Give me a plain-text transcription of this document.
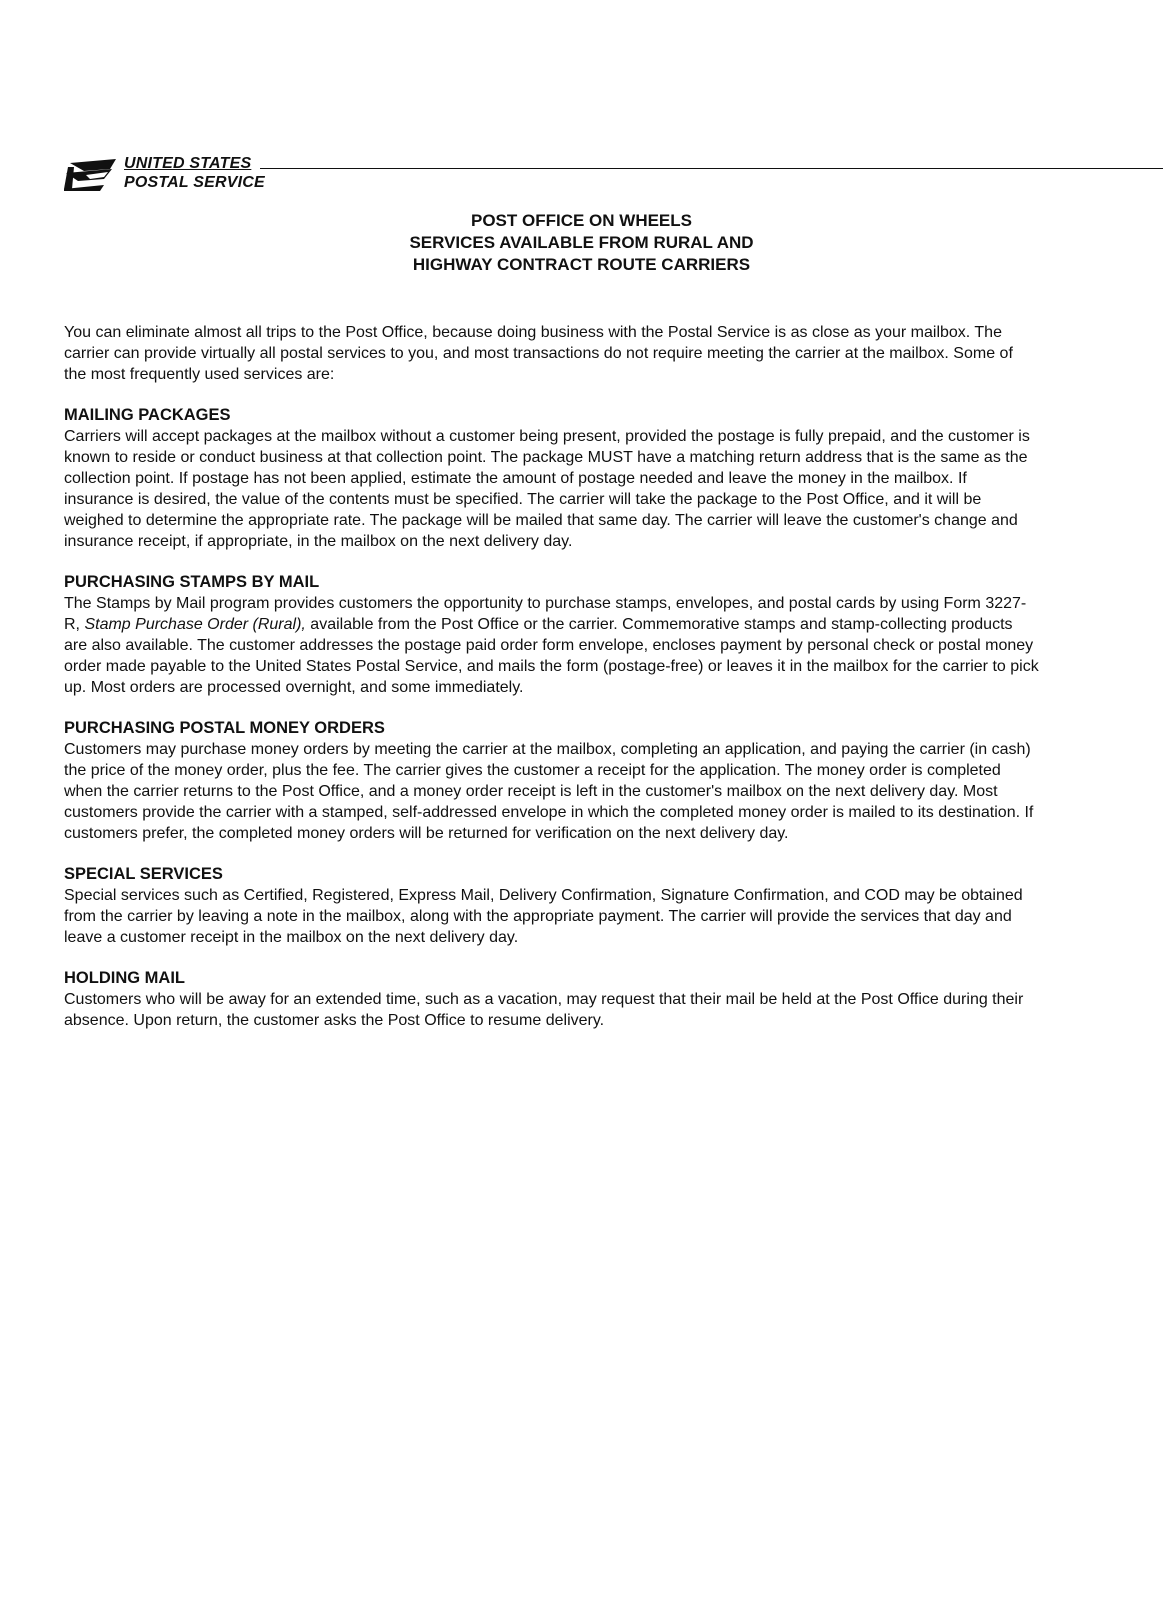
UNITED STATES
POSTAL SERVICE
POST OFFICE ON WHEELS
SERVICES AVAILABLE FROM RURAL AND
HIGHWAY CONTRACT ROUTE CARRIERS

You can eliminate almost all trips to the Post Office, because doing business with the Postal Service is as close as your mailbox. The carrier can provide virtually all postal services to you, and most transactions do not require meeting the carrier at the mailbox. Some of the most frequently used services are:

MAILING PACKAGES

Carriers will accept packages at the mailbox without a customer being present, provided the postage is fully prepaid, and the customer is known to reside or conduct business at that collection point. The package MUST have a matching return address that is the same as the collection point. If postage has not been applied, estimate the amount of postage needed and leave the money in the mailbox. If insurance is desired, the value of the contents must be specified. The carrier will take the package to the Post Office, and it will be weighed to determine the appropriate rate. The package will be mailed that same day. The carrier will leave the customer's change and insurance receipt, if appropriate, in the mailbox on the next delivery day.

PURCHASING STAMPS BY MAIL

The Stamps by Mail program provides customers the opportunity to purchase stamps, envelopes, and postal cards by using Form 3227-R, Stamp Purchase Order (Rural), available from the Post Office or the carrier. Commemorative stamps and stamp-collecting products are also available. The customer addresses the postage paid order form envelope, encloses payment by personal check or postal money order made payable to the United States Postal Service, and mails the form (postage-free) or leaves it in the mailbox for the carrier to pick up. Most orders are processed overnight, and some immediately.

PURCHASING POSTAL MONEY ORDERS

Customers may purchase money orders by meeting the carrier at the mailbox, completing an application, and paying the carrier (in cash) the price of the money order, plus the fee. The carrier gives the customer a receipt for the application. The money order is completed when the carrier returns to the Post Office, and a money order receipt is left in the customer's mailbox on the next delivery day. Most customers provide the carrier with a stamped, self-addressed envelope in which the completed money order is mailed to its destination. If customers prefer, the completed money orders will be returned for verification on the next delivery day.

SPECIAL SERVICES

Special services such as Certified, Registered, Express Mail, Delivery Confirmation, Signature Confirmation, and COD may be obtained from the carrier by leaving a note in the mailbox, along with the appropriate payment. The carrier will provide the services that day and leave a customer receipt in the mailbox on the next delivery day.

HOLDING MAIL

Customers who will be away for an extended time, such as a vacation, may request that their mail be held at the Post Office during their absence. Upon return, the customer asks the Post Office to resume delivery.
